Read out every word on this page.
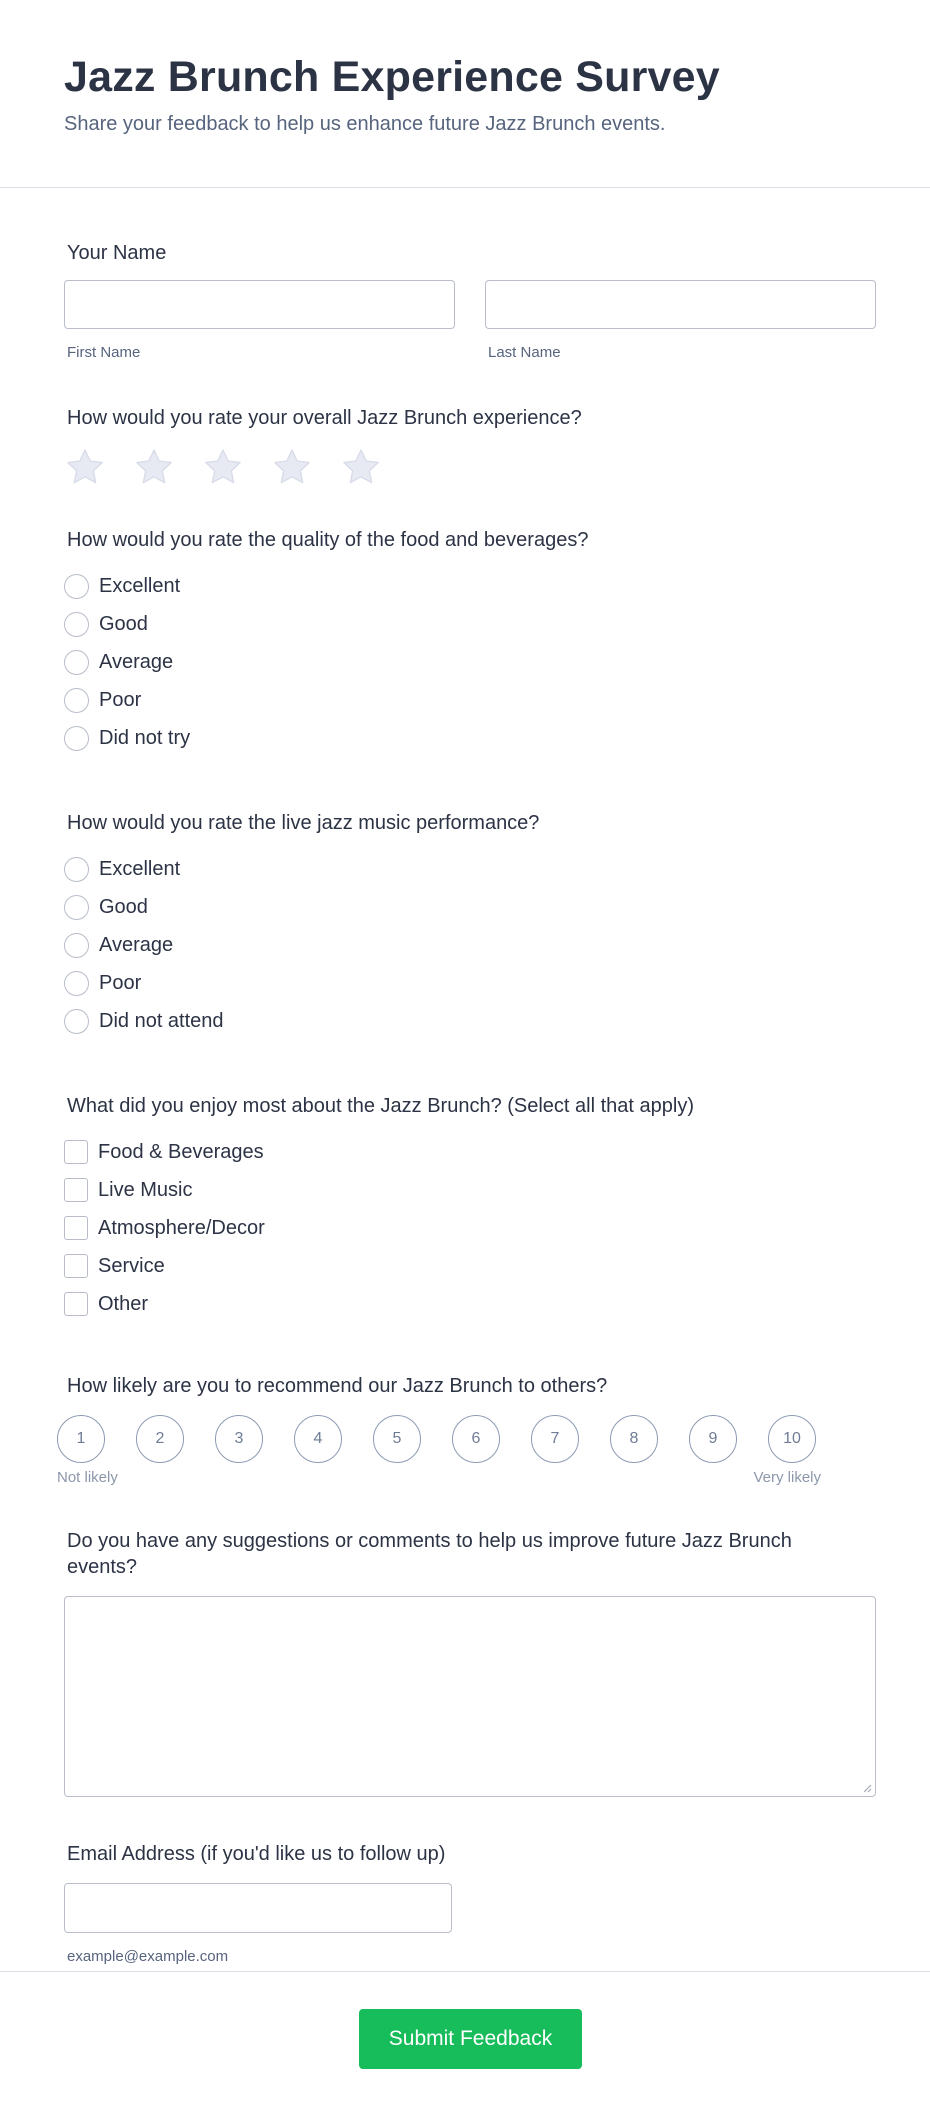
Jazz Brunch Experience Survey
Share your feedback to help us enhance future Jazz Brunch events.
Your Name
First Name	Last Name
How would you rate your overall Jazz Brunch experience?
How would you rate the quality of the food and beverages?
Excellent
Good
Average
Poor
Did not try
How would you rate the live jazz music performance?
Excellent
Good
Average
Poor
Did not attend
What did you enjoy most about the Jazz Brunch? (Select all that apply)
Food & Beverages
Live Music
Atmosphere/Decor
Service
Other
How likely are you to recommend our Jazz Brunch to others?
1	2	3	4	5	6	7	8	9	10
Not likely	Very likely
Do you have any suggestions or comments to help us improve future Jazz Brunch events?
Email Address (if you'd like us to follow up)
example@example.com
Submit Feedback
